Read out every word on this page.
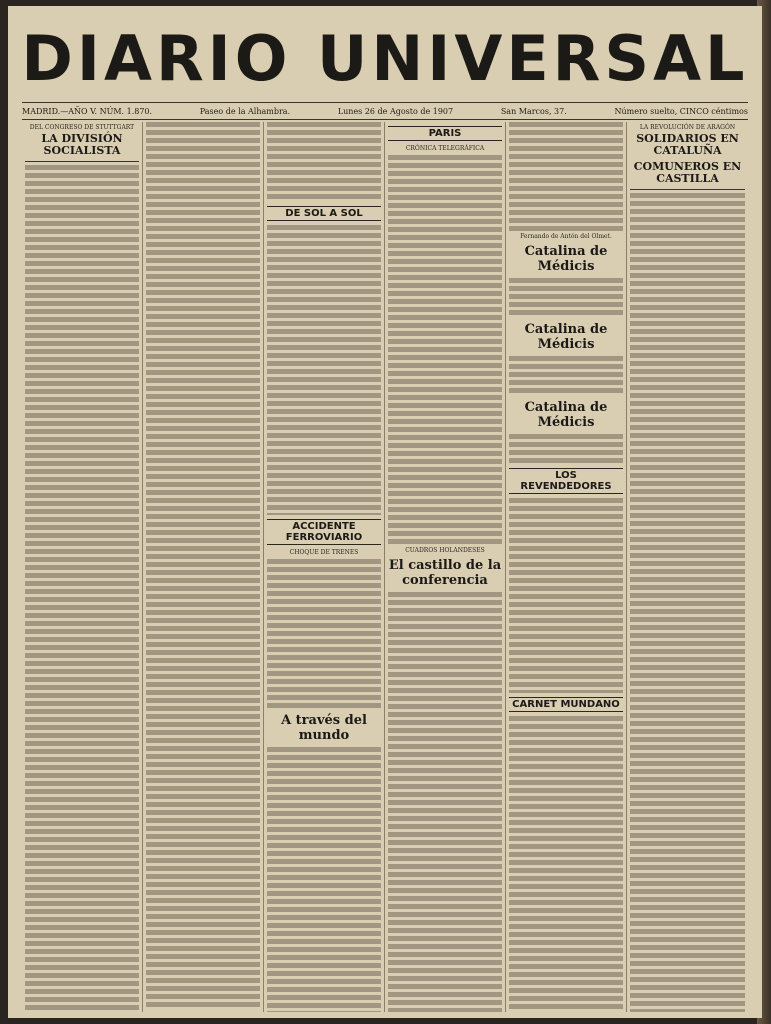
DIARIO UNIVERSAL
MADRID.—AÑO V. NÚM. 1.870.	Paseo de la Alhambra.	Lunes 26 de Agosto de 1907	San Marcos, 37.	Número suelto, CINCO céntimos
DEL CONGRESO DE STUTTGART
LA DIVISIÓN SOCIALISTA
DE SOL A SOL
ACCIDENTE FERROVIARIO
CHOQUE DE TRENES
A través del mundo
PARIS
CRÓNICA TELEGRÁFICA
CUADROS HOLANDESES
El castillo de la conferencia
Fernando de Antón del Olmet.
Catalina de Médicis
Catalina de Médicis
Catalina de Médicis
LOS REVENDEDORES
CARNET MUNDANO
LA REVOLUCIÓN DE ARAGÓN
SOLIDARIOS EN CATALUÑA
COMUNEROS EN CASTILLA
